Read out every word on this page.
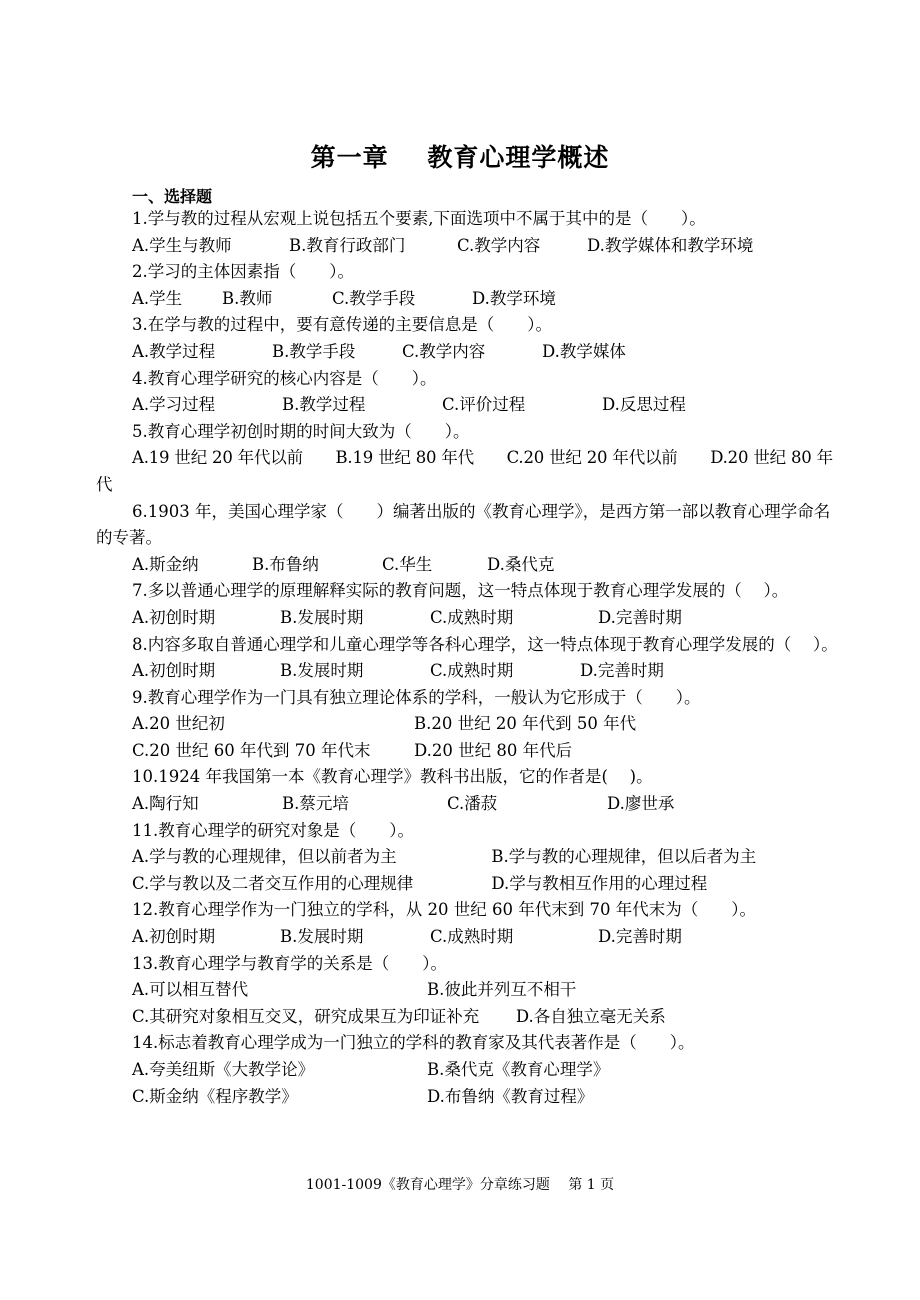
第一章    教育心理学概述
一、选择题

1.学与教的过程从宏观上说包括五个要素,下面选项中不属于其中的是（　　）。

A.学生与教师	B.教育行政部门	C.教学内容	D.教学媒体和教学环境

2.学习的主体因素指（　　）。

A.学生	B.教师	C.教学手段	D.教学环境

3.在学与教的过程中，要有意传递的主要信息是（　　）。

A.教学过程	B.教学手段	C.教学内容	D.教学媒体

4.教育心理学研究的核心内容是（　　）。

A.学习过程	B.教学过程	C.评价过程	D.反思过程

5.教育心理学初创时期的时间大致为（　　）。

A.19 世纪 20 年代以前　　B.19 世纪 80 年代　　C.20 世纪 20 年代以前　　D.20 世纪 80 年代

6.1903 年，美国心理学家（　　）编著出版的《教育心理学》，是西方第一部以教育心理学命名的专著。

A.斯金纳	B.布鲁纳	C.华生	D.桑代克

7.多以普通心理学的原理解释实际的教育问题，这一特点体现于教育心理学发展的（　 ）。

A.初创时期	B.发展时期	C.成熟时期	D.完善时期

8.内容多取自普通心理学和儿童心理学等各科心理学，这一特点体现于教育心理学发展的（　 ）。

A.初创时期	B.发展时期	C.成熟时期	D.完善时期

9.教育心理学作为一门具有独立理论体系的学科，一般认为它形成于（　　）。

A.20 世纪初	B.20 世纪 20 年代到 50 年代
C.20 世纪 60 年代到 70 年代末	D.20 世纪 80 年代后

10.1924 年我国第一本《教育心理学》教科书出版，它的作者是(　 )。

A.陶行知	B.蔡元培	C.潘菽	D.廖世承

11.教育心理学的研究对象是（　　）。

A.学与教的心理规律，但以前者为主	B.学与教的心理规律，但以后者为主
C.学与教以及二者交互作用的心理规律	D.学与教相互作用的心理过程

12.教育心理学作为一门独立的学科，从 20 世纪 60 年代末到 70 年代末为（　　）。

A.初创时期	B.发展时期	C.成熟时期	D.完善时期

13.教育心理学与教育学的关系是（　　）。

A.可以相互替代	B.彼此并列互不相干
C.其研究对象相互交叉，研究成果互为印证补充	D.各自独立毫无关系

14.标志着教育心理学成为一门独立的学科的教育家及其代表著作是（　　）。

A.夸美纽斯《大教学论》	B.桑代克《教育心理学》
C.斯金纳《程序教学》	D.布鲁纳《教育过程》
1001-1009《教育心理学》分章练习题　 第 1 页
